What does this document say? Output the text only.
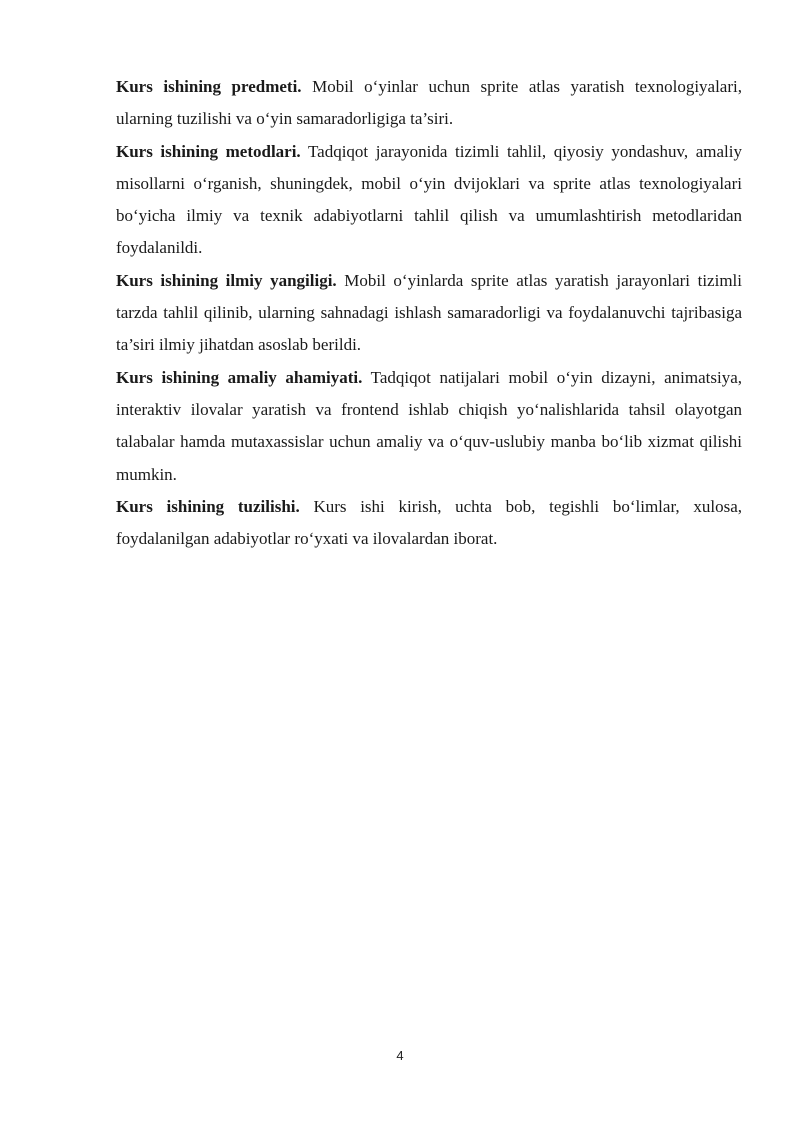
Kurs ishining predmeti. Mobil o‘yinlar uchun sprite atlas yaratish texnologiyalari, ularning tuzilishi va o‘yin samaradorligiga ta’siri.

Kurs ishining metodlari. Tadqiqot jarayonida tizimli tahlil, qiyosiy yondashuv, amaliy misollarni o‘rganish, shuningdek, mobil o‘yin dvijoklari va sprite atlas texnologiyalari bo‘yicha ilmiy va texnik adabiyotlarni tahlil qilish va umumlashtirish metodlaridan foydalanildi.

Kurs ishining ilmiy yangiligi. Mobil o‘yinlarda sprite atlas yaratish jarayonlari tizimli tarzda tahlil qilinib, ularning sahnadagi ishlash samaradorligi va foydalanuvchi tajribasiga ta’siri ilmiy jihatdan asoslab berildi.

Kurs ishining amaliy ahamiyati. Tadqiqot natijalari mobil o‘yin dizayni, animatsiya, interaktiv ilovalar yaratish va frontend ishlab chiqish yo‘nalishlarida tahsil olayotgan talabalar hamda mutaxassislar uchun amaliy va o‘quv-uslubiy manba bo‘lib xizmat qilishi mumkin.

Kurs ishining tuzilishi. Kurs ishi kirish, uchta bob, tegishli bo‘limlar, xulosa, foydalanilgan adabiyotlar ro‘yxati va ilovalardan iborat.

4
